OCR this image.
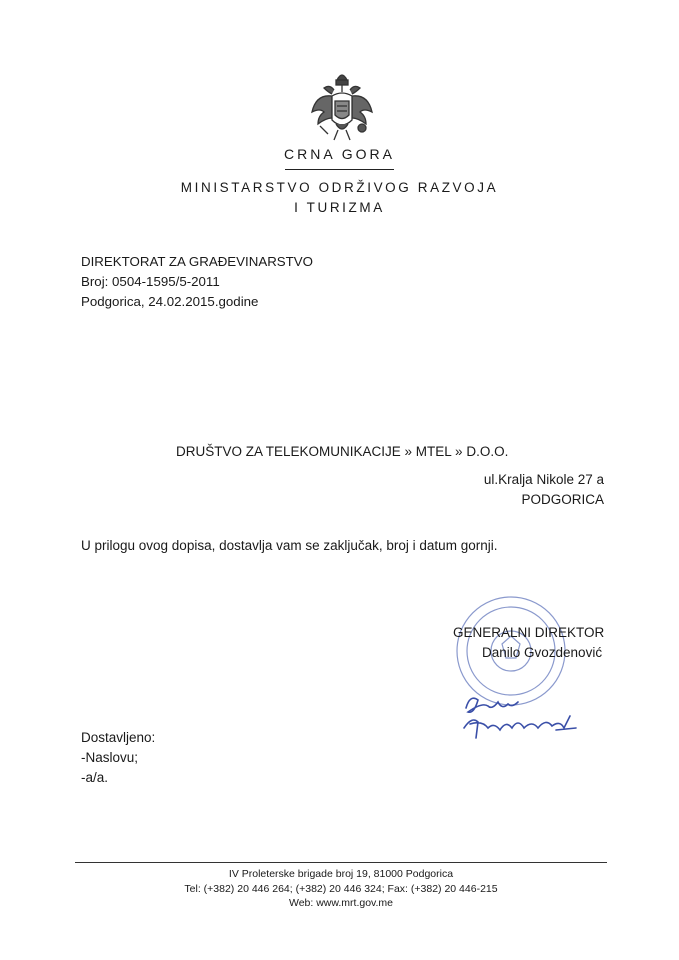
CRNA GORA
MINISTARSTVO ODRŽIVOG RAZVOJA
I TURIZMA
DIREKTORAT ZA GRAĐEVINARSTVO
Broj: 0504-1595/5-2011
Podgorica, 24.02.2015.godine
DRUŠTVO ZA TELEKOMUNIKACIJE » MTEL » D.O.O.
ul.Kralja Nikole 27 a
PODGORICA
U prilogu ovog dopisa, dostavlja vam se zaključak, broj i datum gornji.
GENERALNI DIREKTOR
Danilo Gvozdenović
Dostavljeno:
-Naslovu;
-a/a.
IV Proleterske brigade broj 19, 81000 Podgorica
Tel: (+382) 20 446 264; (+382) 20 446 324; Fax: (+382) 20 446-215
Web: www.mrt.gov.me
